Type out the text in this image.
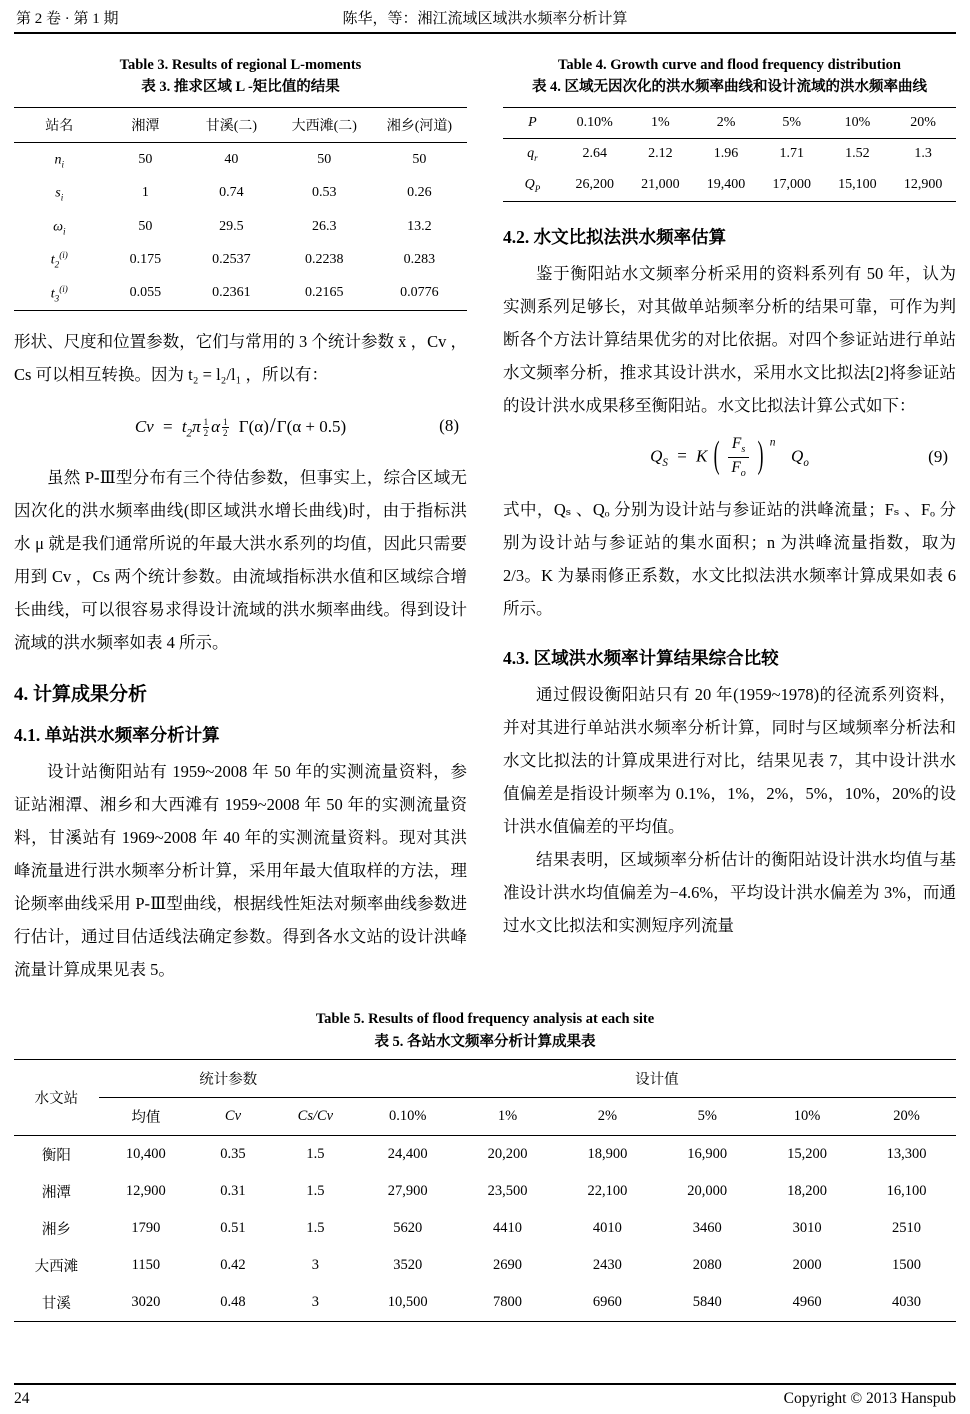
第 2 卷 · 第 1 期	陈华，等：湘江流域区域洪水频率分析计算
Table 3. Results of regional L-moments
表 3. 推求区域 L -矩比值的结果
站名	湘潭	甘溪(二)	大西滩(二)	湘乡(河道)
$n_i$	50	40	50	50
$s_i$	1	0.74	0.53	0.26
$\omega_i$	50	29.5	26.3	13.2
$t_2^{(i)}$	0.175	0.2537	0.2238	0.283
$t_3^{(i)}$	0.055	0.2361	0.2165	0.0776

形状、尺度和位置参数，它们与常用的 3 个统计参数 x̄ ，Cv ，Cs 可以相互转换。因为 t₂ = l₂/l₁ ，所以有：

$Cv = t_2\pi \frac{1}{2}$ α $\frac{1}{2} \Gamma(\alpha)/\Gamma(\alpha + 0.5)$	(8)

虽然 P-Ⅲ型分布有三个待估参数，但事实上，综合区域无因次化的洪水频率曲线(即区域洪水增长曲线)时，由于指标洪水 μ 就是我们通常所说的年最大洪水系列的均值，因此只需要用到 Cv ，Cs 两个统计参数。由流域指标洪水值和区域综合增长曲线，可以很容易求得设计流域的洪水频率曲线。得到设计流域的洪水频率如表 4 所示。

4. 计算成果分析
4.1. 单站洪水频率分析计算

设计站衡阳站有 1959~2008 年 50 年的实测流量资料，参证站湘潭、湘乡和大西滩有 1959~2008 年 50 年的实测流量资料，甘溪站有 1969~2008 年 40 年的实测流量资料。现对其洪峰流量进行洪水频率分析计算，采用年最大值取样的方法，理论频率曲线采用 P-Ⅲ型曲线，根据线性矩法对频率曲线参数进行估计，通过目估适线法确定参数。得到各水文站的设计洪峰流量计算成果见表 5。

Table 4. Growth curve and flood frequency distribution
表 4. 区域无因次化的洪水频率曲线和设计流域的洪水频率曲线
P	0.10%	1%	2%	5%	10%	20%
$q_r$	2.64	2.12	1.96	1.71	1.52	1.3
$Q_P$	26,200	21,000	19,400	17,000	15,100	12,900
4.2. 水文比拟法洪水频率估算

鉴于衡阳站水文频率分析采用的资料系列有 50 年，认为实测系列足够长，对其做单站频率分析的结果可靠，可作为判断各个方法计算结果优劣的对比依据。对四个参证站进行单站水文频率分析，推求其设计洪水，采用水文比拟法[2]将参证站的设计洪水成果移至衡阳站。水文比拟法计算公式如下：

$Q_S = K$ ( $\frac{F_s}{F_o}$ ) $^n$  $Q_o$	(9)

式中，Qₛ 、Qₒ 分别为设计站与参证站的洪峰流量；Fₛ 、Fₒ 分别为设计站与参证站的集水面积；n 为洪峰流量指数，取为 2/3。K 为暴雨修正系数，水文比拟法洪水频率计算成果如表 6 所示。

4.3. 区域洪水频率计算结果综合比较

通过假设衡阳站只有 20 年(1959~1978)的径流系列资料，并对其进行单站洪水频率分析计算，同时与区域频率分析法和水文比拟法的计算成果进行对比，结果见表 7，其中设计洪水值偏差是指设计频率为 0.1%，1%，2%，5%，10%，20%的设计洪水值偏差的平均值。

结果表明，区域频率分析估计的衡阳站设计洪水均值与基准设计洪水均值偏差为−4.6%，平均设计洪水偏差为 3%，而通过水文比拟法和实测短序列流量

Table 5. Results of flood frequency analysis at each site
表 5. 各站水文频率分析计算成果表
水文站	统计参数			设计值					
	均值	Cv	Cs/Cv	0.10%	1%	2%	5%	10%	20%
衡阳	10,400	0.35	1.5	24,400	20,200	18,900	16,900	15,200	13,300
湘潭	12,900	0.31	1.5	27,900	23,500	22,100	20,000	18,200	16,100
湘乡	1790	0.51	1.5	5620	4410	4010	3460	3010	2510
大西滩	1150	0.42	3	3520	2690	2430	2080	2000	1500
甘溪	3020	0.48	3	10,500	7800	6960	5840	4960	4030
24	Copyright © 2013 Hanspub
